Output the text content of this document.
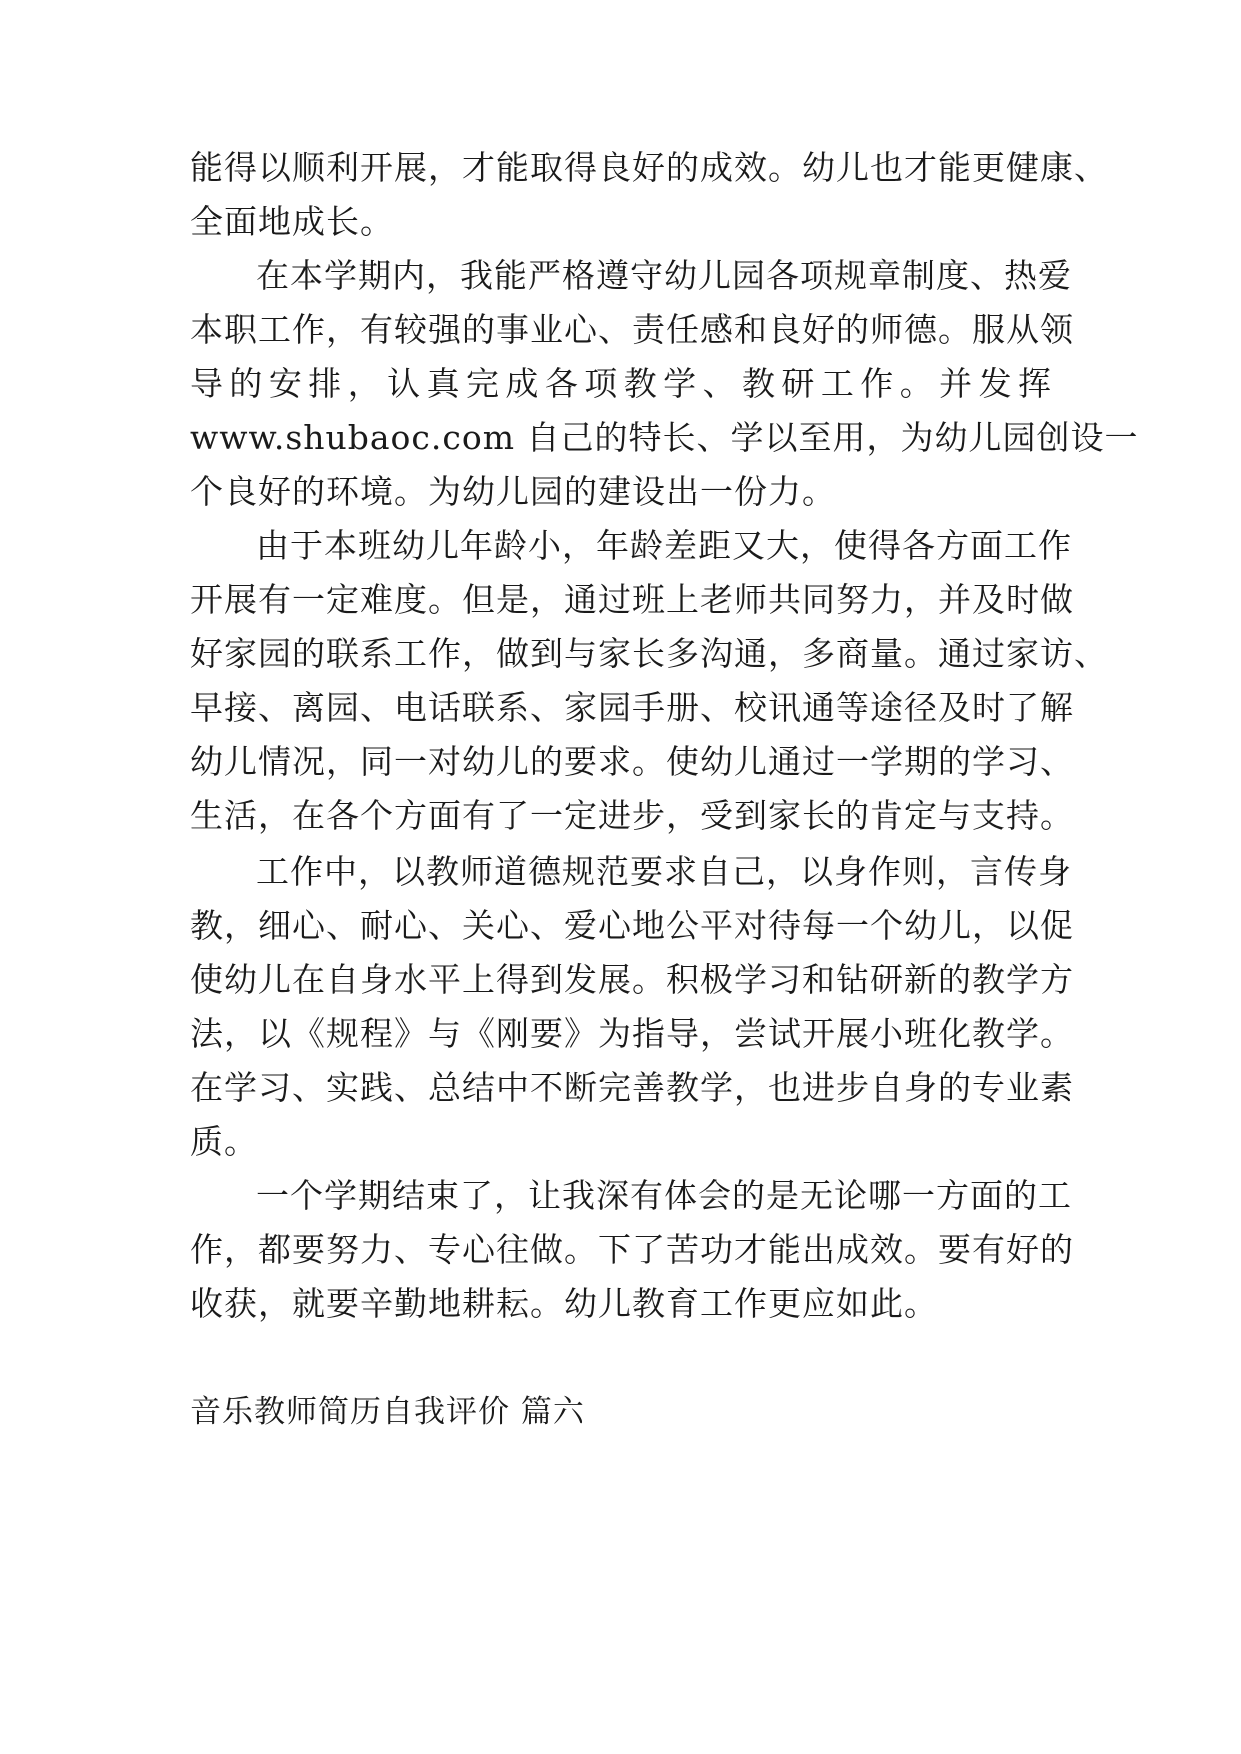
能得以顺利开展，才能取得良好的成效。幼儿也才能更健康、
全面地成长。
在本学期内，我能严格遵守幼儿园各项规章制度、热爱
本职工作，有较强的事业心、责任感和良好的师德。服从领
导的安排，认真完成各项教学、教研工作。并发挥
www.shubaoc.com 自己的特长、学以至用，为幼儿园创设一
个良好的环境。为幼儿园的建设出一份力。
由于本班幼儿年龄小，年龄差距又大，使得各方面工作
开展有一定难度。但是，通过班上老师共同努力，并及时做
好家园的联系工作，做到与家长多沟通，多商量。通过家访、
早接、离园、电话联系、家园手册、校讯通等途径及时了解
幼儿情况，同一对幼儿的要求。使幼儿通过一学期的学习、
生活，在各个方面有了一定进步，受到家长的肯定与支持。
工作中，以教师道德规范要求自己，以身作则，言传身
教，细心、耐心、关心、爱心地公平对待每一个幼儿，以促
使幼儿在自身水平上得到发展。积极学习和钻研新的教学方
法，以《规程》与《刚要》为指导，尝试开展小班化教学。
在学习、实践、总结中不断完善教学，也进步自身的专业素
质。
一个学期结束了，让我深有体会的是无论哪一方面的工
作，都要努力、专心往做。下了苦功才能出成效。要有好的
收获，就要辛勤地耕耘。幼儿教育工作更应如此。
音乐教师简历自我评价 篇六
